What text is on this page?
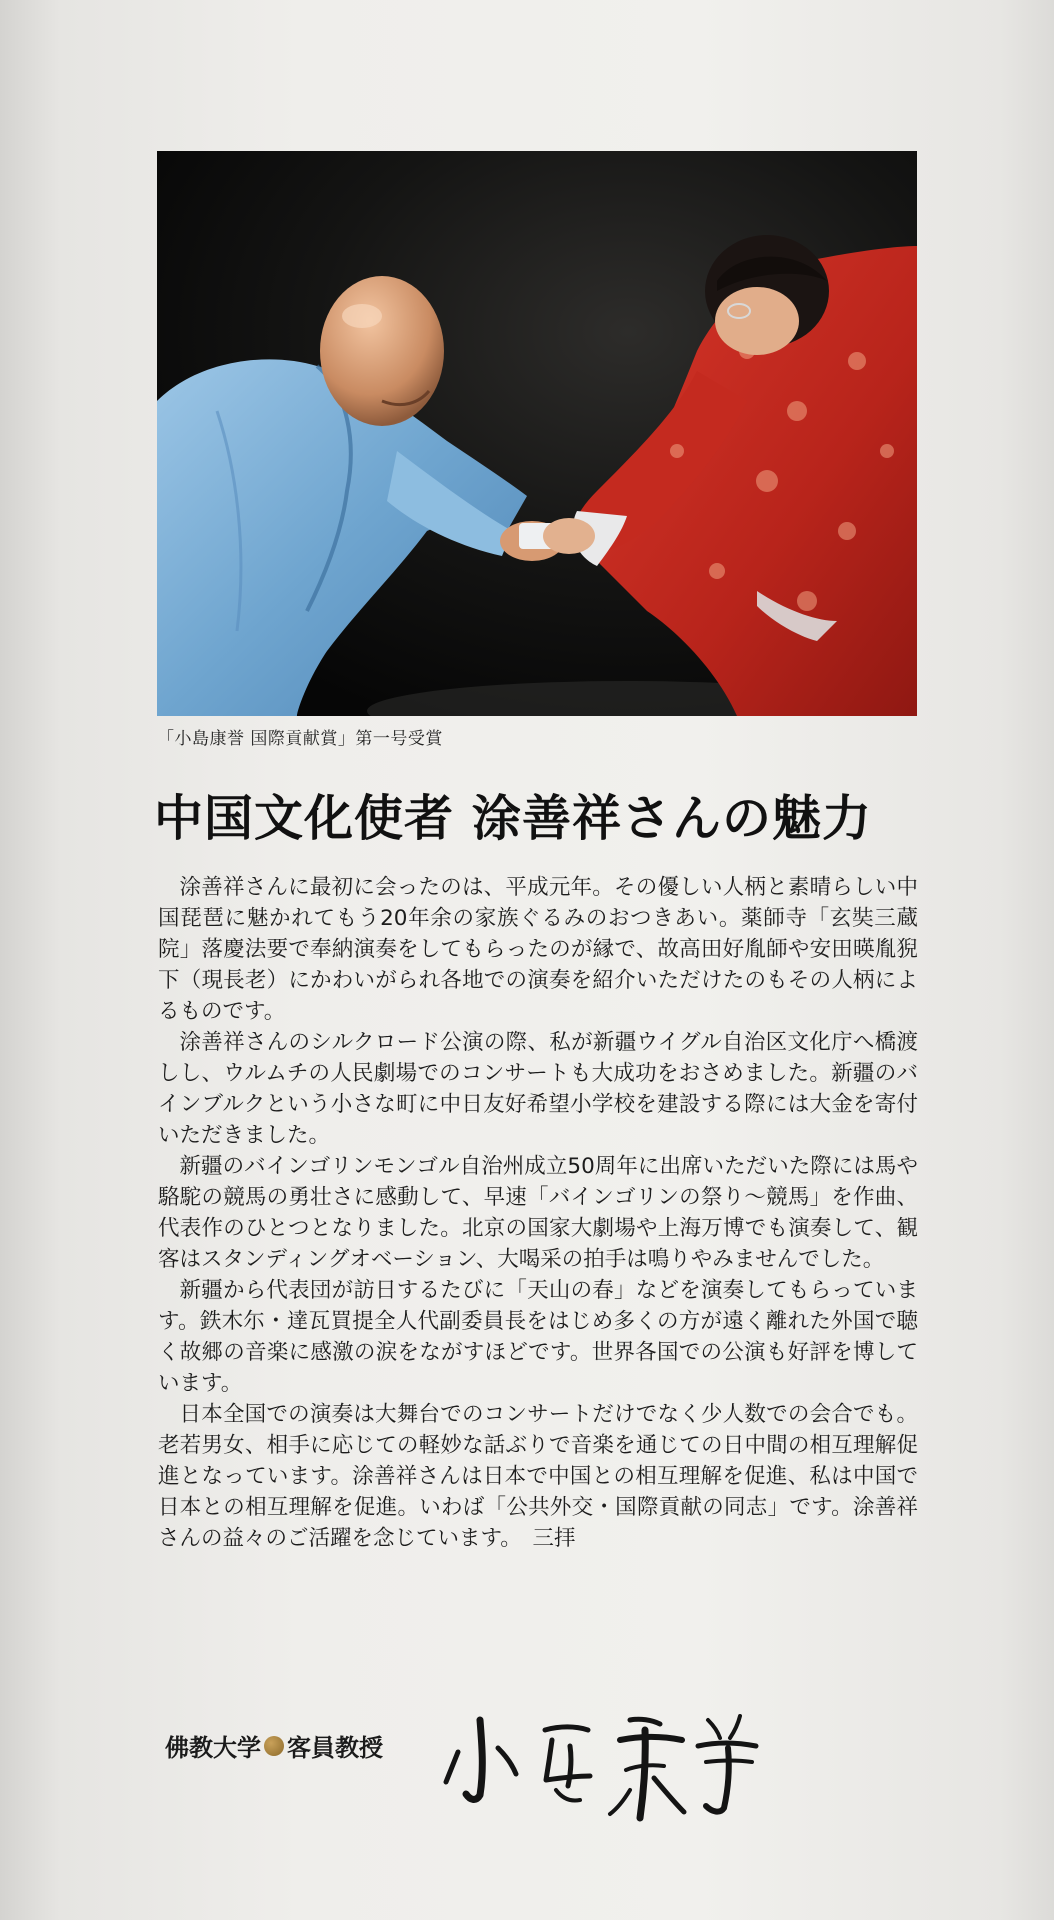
「小島康誉 国際貢献賞」第一号受賞
中国文化使者 涂善祥さんの魅力

涂善祥さんに最初に会ったのは、平成元年。その優しい人柄と素晴らしい中国琵琶に魅かれてもう20年余の家族ぐるみのおつきあい。薬師寺「玄奘三蔵院」落慶法要で奉納演奏をしてもらったのが縁で、故高田好胤師や安田暎胤猊下（現長老）にかわいがられ各地での演奏を紹介いただけたのもその人柄によるものです。

涂善祥さんのシルクロード公演の際、私が新疆ウイグル自治区文化庁へ橋渡しし、ウルムチの人民劇場でのコンサートも大成功をおさめました。新疆のバインブルクという小さな町に中日友好希望小学校を建設する際には大金を寄付いただきました。

新疆のバインゴリンモンゴル自治州成立50周年に出席いただいた際には馬や駱駝の競馬の勇壮さに感動して、早速「バインゴリンの祭り〜競馬」を作曲、代表作のひとつとなりました。北京の国家大劇場や上海万博でも演奏して、観客はスタンディングオベーション、大喝采の拍手は鳴りやみませんでした。

新疆から代表団が訪日するたびに「天山の春」などを演奏してもらっています。鉄木尓・達瓦買提全人代副委員長をはじめ多くの方が遠く離れた外国で聴く故郷の音楽に感激の涙をながすほどです。世界各国での公演も好評を博しています。

日本全国での演奏は大舞台でのコンサートだけでなく少人数での会合でも。老若男女、相手に応じての軽妙な話ぶりで音楽を通じての日中間の相互理解促進となっています。涂善祥さんは日本で中国との相互理解を促進、私は中国で日本との相互理解を促進。いわば「公共外交・国際貢献の同志」です。涂善祥さんの益々のご活躍を念じています。　三拝

佛教大学 客員教授
